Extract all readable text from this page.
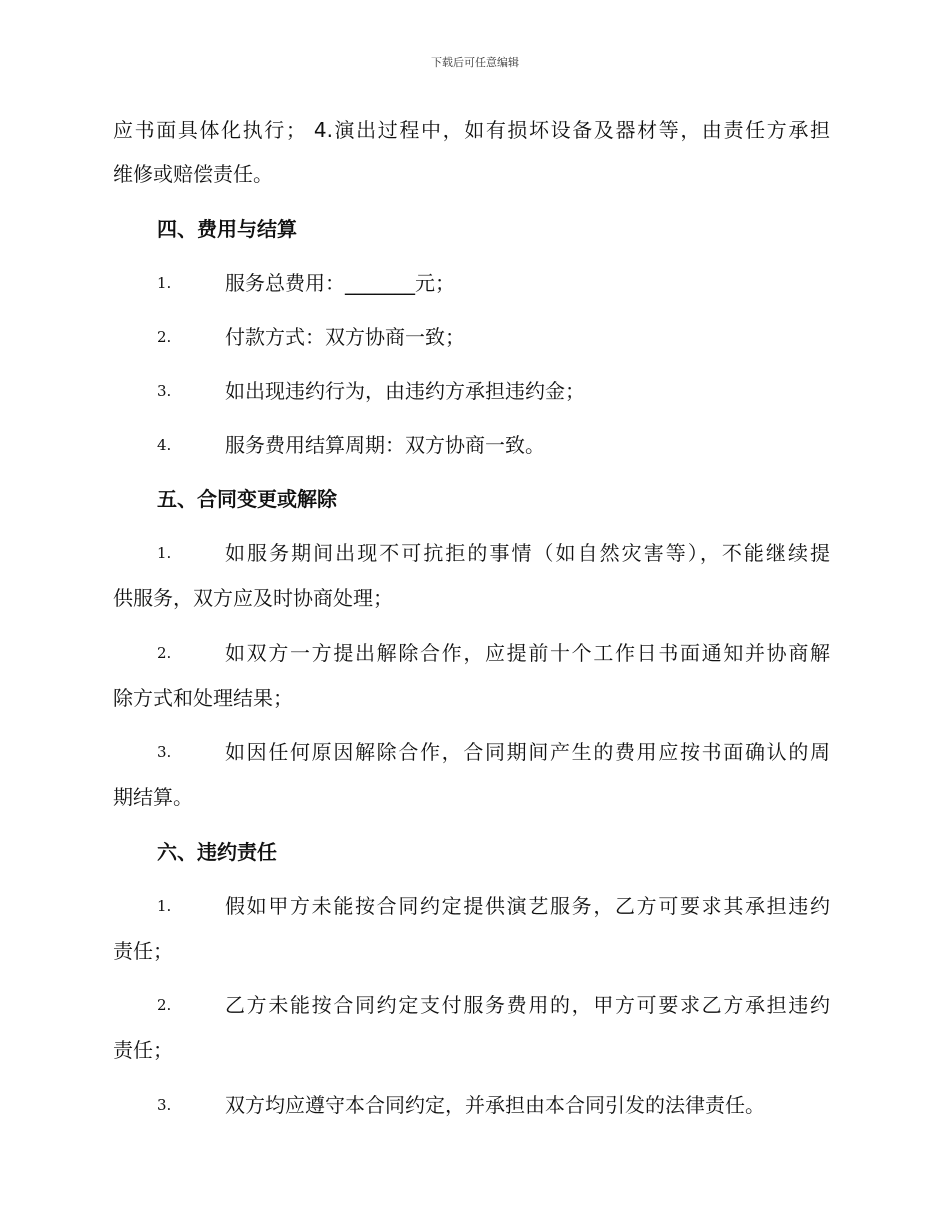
下载后可任意编辑
应书面具体化执行； 4.演出过程中，如有损坏设备及器材等，由责任方承担
维修或赔偿责任。
四、费用与结算
1.	服务总费用：_______元；
2.	付款方式：双方协商一致；
3.	如出现违约行为，由违约方承担违约金；
4.	服务费用结算周期：双方协商一致。
五、合同变更或解除
1.	如服务期间出现不可抗拒的事情（如自然灾害等），不能继续提
供服务，双方应及时协商处理；
2.	如双方一方提出解除合作，应提前十个工作日书面通知并协商解
除方式和处理结果；
3.	如因任何原因解除合作，合同期间产生的费用应按书面确认的周
期结算。
六、违约责任
1.	假如甲方未能按合同约定提供演艺服务，乙方可要求其承担违约
责任；
2.	乙方未能按合同约定支付服务费用的，甲方可要求乙方承担违约
责任；
3.	双方均应遵守本合同约定，并承担由本合同引发的法律责任。
